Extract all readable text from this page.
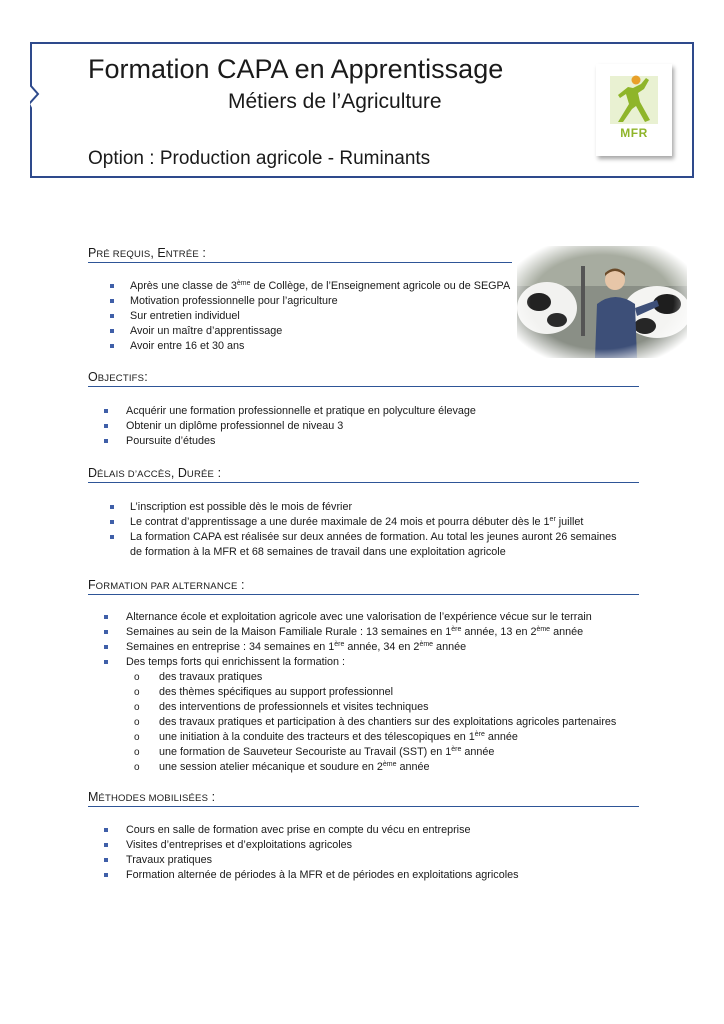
Formation CAPA en Apprentissage
Métiers de l’Agriculture
Option : Production agricole - Ruminants
MFR
PRÉ REQUIS, ENTRÉE :
Après une classe de 3ème de Collège, de l’Enseignement agricole ou de SEGPA
Motivation professionnelle pour l’agriculture
Sur entretien individuel
Avoir un maître d’apprentissage
Avoir entre 16 et 30 ans
OBJECTIFS:
Acquérir une formation professionnelle et pratique en polyculture élevage
Obtenir un diplôme professionnel de niveau 3
Poursuite d’études
DÉLAIS D’ACCÈS, DURÉE :
L’inscription est possible dès le mois de février
Le contrat d’apprentissage a une durée maximale de 24 mois et pourra débuter dès le 1er juillet
La formation CAPA est réalisée sur deux années de formation. Au total les jeunes auront 26 semaines
de formation à la MFR et 68 semaines de travail dans une exploitation agricole
FORMATION PAR ALTERNANCE :
Alternance école et exploitation agricole avec une valorisation de l’expérience vécue sur le terrain
Semaines au sein de la Maison Familiale Rurale : 13 semaines en 1ère année, 13 en 2ème année
Semaines en entreprise : 34 semaines en 1ère année, 34 en 2ème année
Des temps forts qui enrichissent la formation :
o des travaux pratiques
o des thèmes spécifiques au support professionnel
o des interventions de professionnels et visites techniques
o des travaux pratiques et participation à des chantiers sur des exploitations agricoles partenaires
o une initiation à la conduite des tracteurs et des télescopiques en 1ère année
o une formation de Sauveteur Secouriste au Travail (SST) en 1ère année
o une session atelier mécanique et soudure en 2ème année
MÉTHODES MOBILISÉES :
Cours en salle de formation avec prise en compte du vécu en entreprise
Visites d’entreprises et d’exploitations agricoles
Travaux pratiques
Formation alternée de périodes à la MFR et de périodes en exploitations agricoles
